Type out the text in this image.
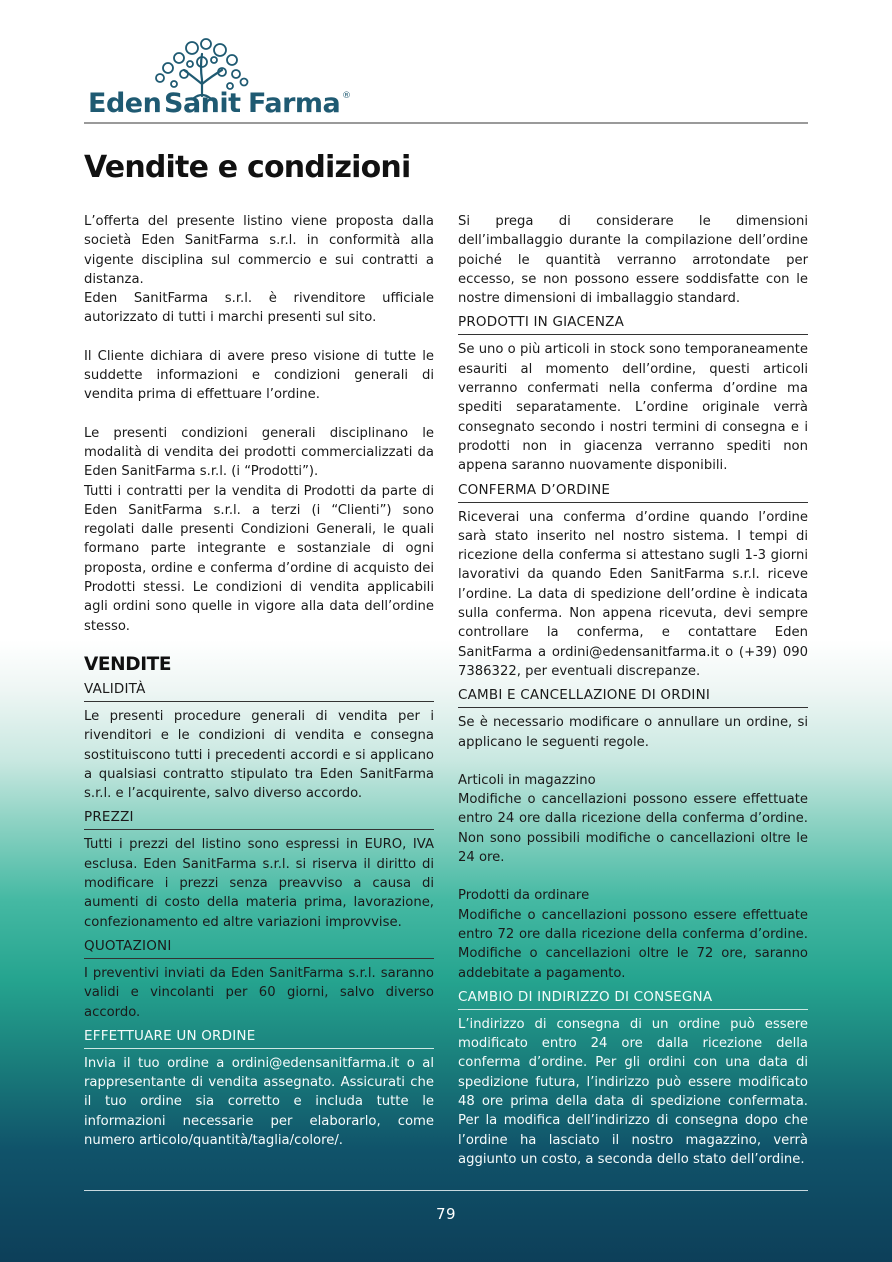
Eden Sanit Farma ®
Vendite e condizioni

L’offerta del presente listino viene proposta dalla società Eden SanitFarma s.r.l. in conformità alla vigente disciplina sul commercio e sui contratti a distanza.

Eden SanitFarma s.r.l. è rivenditore ufficiale autorizzato di tutti i marchi presenti sul sito.

Il Cliente dichiara di avere preso visione di tutte le suddette informazioni e condizioni generali di vendita prima di effettuare l’ordine.

Le presenti condizioni generali disciplinano le modalità di vendita dei prodotti commercializzati da Eden SanitFarma s.r.l. (i “Prodotti”).

Tutti i contratti per la vendita di Prodotti da parte di Eden SanitFarma s.r.l. a terzi (i “Clienti”) sono regolati dalle presenti Condizioni Generali, le quali formano parte integrante e sostanziale di ogni proposta, ordine e conferma d’ordine di acquisto dei Prodotti stessi. Le condizioni di vendita applicabili agli ordini sono quelle in vigore alla data dell’ordine stesso.

VENDITE
VALIDITÀ

Le presenti procedure generali di vendita per i rivenditori e le condizioni di vendita e consegna sostituiscono tutti i precedenti accordi e si applicano a qualsiasi contratto stipulato tra Eden SanitFarma s.r.l. e l’acquirente, salvo diverso accordo.

PREZZI

Tutti i prezzi del listino sono espressi in EURO, IVA esclusa. Eden SanitFarma s.r.l. si riserva il diritto di modificare i prezzi senza preavviso a causa di aumenti di costo della materia prima, lavorazione, confezionamento ed altre variazioni improvvise.

QUOTAZIONI

I preventivi inviati da Eden SanitFarma s.r.l. saranno validi e vincolanti per 60 giorni, salvo diverso accordo.

EFFETTUARE UN ORDINE

Invia il tuo ordine a ordini@edensanitfarma.it o al rappresentante di vendita assegnato. Assicurati che il tuo ordine sia corretto e includa tutte le informazioni necessarie per elaborarlo, come numero articolo/quantità/taglia/colore/.

Si prega di considerare le dimensioni dell’imballaggio durante la compilazione dell’ordine poiché le quantità verranno arrotondate per eccesso, se non possono essere soddisfatte con le nostre dimensioni di imballaggio standard.

PRODOTTI IN GIACENZA

Se uno o più articoli in stock sono temporaneamente esauriti al momento dell’ordine, questi articoli verranno confermati nella conferma d’ordine ma spediti separatamente. L’ordine originale verrà consegnato secondo i nostri termini di consegna e i prodotti non in giacenza verranno spediti non appena saranno nuovamente disponibili.

CONFERMA D’ORDINE

Riceverai una conferma d’ordine quando l’ordine sarà stato inserito nel nostro sistema. I tempi di ricezione della conferma si attestano sugli 1-3 giorni lavorativi da quando Eden SanitFarma s.r.l. riceve l’ordine. La data di spedizione dell’ordine è indicata sulla conferma. Non appena ricevuta, devi sempre controllare la conferma, e contattare Eden SanitFarma a ordini@edensanitfarma.it o (+39) 090 7386322, per eventuali discrepanze.

CAMBI E CANCELLAZIONE DI ORDINI

Se è necessario modificare o annullare un ordine, si applicano le seguenti regole.

Articoli in magazzino

Modifiche o cancellazioni possono essere effettuate entro 24 ore dalla ricezione della conferma d’ordine. Non sono possibili modifiche o cancellazioni oltre le 24 ore.

Prodotti da ordinare

Modifiche o cancellazioni possono essere effettuate entro 72 ore dalla ricezione della conferma d’ordine. Modifiche o cancellazioni oltre le 72 ore, saranno addebitate a pagamento.

CAMBIO DI INDIRIZZO DI CONSEGNA

L’indirizzo di consegna di un ordine può essere modificato entro 24 ore dalla ricezione della conferma d’ordine. Per gli ordini con una data di spedizione futura, l’indirizzo può essere modificato 48 ore prima della data di spedizione confermata. Per la modifica dell’indirizzo di consegna dopo che l’ordine ha lasciato il nostro magazzino, verrà aggiunto un costo, a seconda dello stato dell’ordine.

79
